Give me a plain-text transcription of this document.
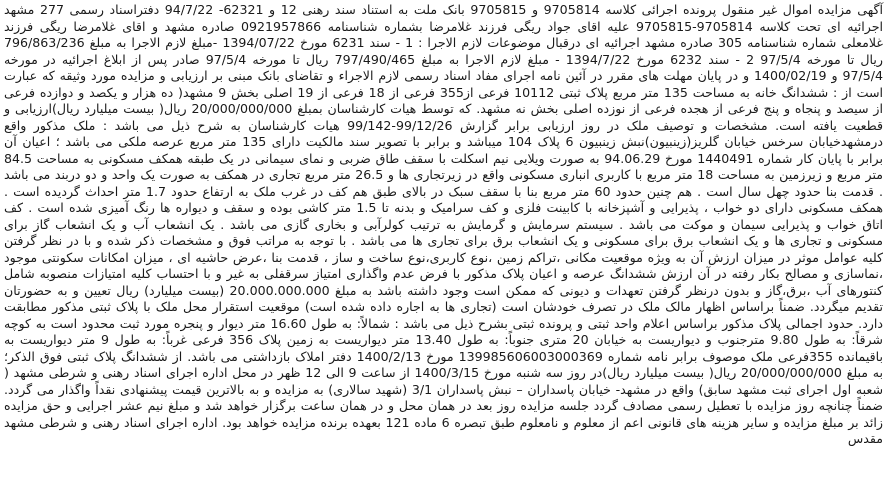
آگهی مزایده اموال غیر منقول پرونده اجرائی کلاسه 9705814 و 9705815 بانک ملت به استناد سند رهنی 12 و 62321- 94/7/22 دفتراسناد رسمی 277 مشهد اجرائیه ای تحت کلاسه 9705814-9705815 علیه اقای جواد ریگی فرزند غلامرضا بشماره شناسنامه 0921957866 صادره مشهد و اقای غلامرضا ریگی فرزند غلامعلی شماره شناسنامه 305 صادره مشهد اجرائیه ای درقبال موضوعات لازم الاجرا : 1 - سند 6231 مورخ 1394/07/22 -مبلغ لازم الاجرا به مبلغ 796/863/236 ریال تا مورخه 97/5/4 2 - سند 6232 مورخ 1394/7/22 - مبلغ لازم الاجرا به مبلغ 797/490/465 ریال تا مورخه 97/5/4 صادر پس از ابلاغ اجرائیه در مورخه 97/5/4 و 1400/02/19 و در پایان مهلت های مقرر در آئین نامه اجرای مفاد اسناد رسمی لازم الاجراء و تقاضای بانک مبنی بر ارزیابی و مزایده مورد وثیقه که عبارت است از : ششدانگ خانه به مساحت 135 متر مربع پلاک ثبتی 10112 فرعی از355 فرعی از 18 فرعی از 19 اصلی بخش 9 مشهد( ده هزار و یکصد و دوازده فرعی از سیصد و پنجاه و پنج فرعی از هجده فرعی از نوزده اصلی بخش نه مشهد. که توسط هیات کارشناسان بمبلغ 20/000/000/000 ریال( بیست میلیارد ریال)ارزیابی و قطعیت یافته است. مشخصات و توصیف ملک در روز ارزیابی برابر گزارش 99/12/26-99/142 هیات کارشناسان به شرح ذیل می باشد : ملک مذکور واقع درمشهدخیابان سرخس خیابان گلریز(زینبیون)نبش زینبیون 6 پلاک 104 میباشد و برابر با تصویر سند مالکیت دارای 135 متر مربع عرصه ملکی می باشد ؛ اعیان آن برابر با پایان کار شماره 1440491 مورخ 94.06.29 به صورت ویلایی نیم اسکلت با سقف طاق ضربی و نمای سیمانی در یک طبقه همکف مسکونی به مساحت 84.5 متر مربع و زیرزمین به مساحت 18 متر مربع با کاربری انباری مسکونی واقع در زیرتجاری ها و 26.5 متر مربع تجاری در همکف به صورت یک واحد و دو دربند می باشد . قدمت بنا حدود چهل سال است . هم چنین حدود 60 متر مربع بنا با سقف سبک در بالای طبق هم کف در غرب ملک به ارتفاع حدود 1.7 متر احداث گردیده است . همکف مسکونی دارای دو خواب ، پذیرایی و آشپزخانه با کابینت فلزی و کف سرامیک و بدنه تا 1.5 متر کاشی بوده و سقف و دیواره ها رنگ آمیزی شده است . کف اتاق خواب و پذیرایی سیمان و موکت می باشد . سیستم سرمایش و گرمایش به ترتیب کولرآبی و بخاری گازی می باشد . یک انشعاب آب و یک انشعاب گاز برای مسکونی و تجاری ها و یک انشعاب برق برای مسکونی و یک انشعاب برق برای تجاری ها می باشد . با توجه به مراتب فوق و مشخصات ذکر شده و با در نظر گرفتن کلیه عوامل موثر در میزان ارزش آن به ویژه موقعیت مکانی ،تراکم زمین ،نوع کاربری،نوع ساخت و ساز ، قدمت بنا ،عرض حاشیه ای ، میزان امکانات سکونتی موجود ،نماسازی و مصالح بکار رفته در آن ارزش ششدانگ عرصه و اعیان پلاک مذکور با فرض عدم واگذاری امتیاز سرقفلی به غیر و با احتساب کلیه امتیازات منصوبه شامل کنتورهای آب ،برق،گاز و بدون درنظر گرفتن تعهدات و دیونی که ممکن است وجود داشته باشد به مبلغ 20.000.000.000 (بیست میلیارد) ریال تعیین و به حضورتان تقدیم میگردد. ضمناً براساس اظهار مالک ملک در تصرف خودشان است (تجاری ها به اجاره داده شده است) موقعیت استقرار محل ملک با پلاک ثبتی مذکور مطابقت دارد. حدود اجمالی پلاک مذکور براساس اعلام واحد ثبتی و پرونده ثبتی بشرح ذیل می باشد : شمالاً: به طول 16.60 متر دیوار و پنجره مورد ثبت محدود است به کوچه شرقاً: به طول 9.80 مترجنوب و دیواریست به خیابان 20 متری جنوباً: به طول 13.40 متر دیواریست به زمین پلاک 356 فرعی غرباً: به طول 9 متر دیواریست به باقیمانده 355فرعی ملک موصوف برابر نامه شماره 139985606003000369 مورخ 1400/2/13 دفتر املاک بازداشتی می باشد. از ششدانگ پلاک ثبتی فوق الذکر؛ به مبلغ 20/000/000/000 ریال( بیست میلیارد ریال)در روز سه شنبه مورخ 1400/3/15 از ساعت 9 الی 12 ظهر در محل اداره اجرای اسناد رهنی و شرطی مشهد ( شعبه اول اجرای ثبت مشهد سابق) واقع در مشهد- خیابان پاسداران – نبش پاسداران 3/1 (شهید سالاری) به مزایده و به بالاترین قیمت پیشنهادی نقداً واگذار می گردد. ضمناً چنانچه روز مزایده با تعطیل رسمی مصادف گردد جلسه مزایده روز بعد در همان محل و در همان ساعت برگزار خواهد شد و مبلغ نیم عشر اجرایی و حق مزایده زائد بر مبلغ مزایده و سایر هزینه های قانونی اعم از معلوم و نامعلوم طبق تبصره 6 ماده 121 بعهده برنده مزایده خواهد بود. اداره اجرای اسناد رهنی و شرطی مشهد مقدس
